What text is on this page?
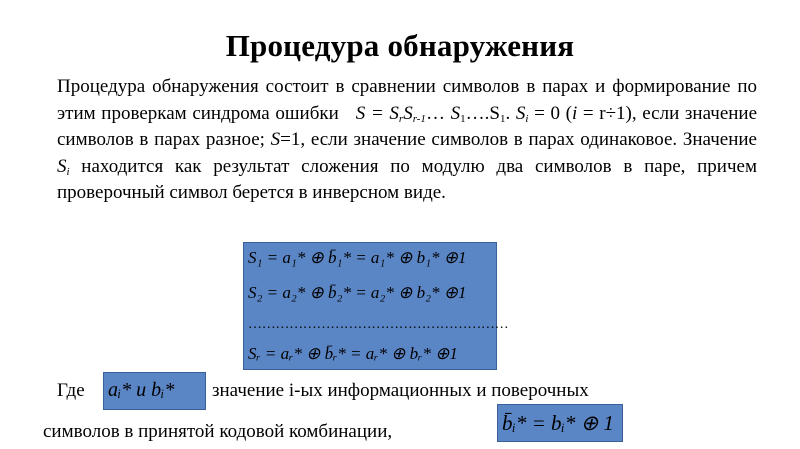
Процедура обнаружения
Процедура обнаружения состоит в сравнении символов в парах и формирование по этим проверкам синдрома ошибки $S = S_rS_{r-1}\dots$ $S_1\dots.S_1$. $S_i = 0$ (i = r÷1), если значение символов в парах разное; S=1, если значение символов в парах одинаковое. Значение $S_i$ находится как результат сложения по модулю два символов в паре, причем проверочный символ берется в инверсном виде.
S₁ = a₁* ⊕ b̄₁* = a₁* ⊕ b₁* ⊕1
S₂ = a₂* ⊕ b̄₂* = a₂* ⊕ b₂* ⊕1
…………………………………………………
Sᵣ = aᵣ* ⊕ b̄ᵣ* = aᵣ* ⊕ bᵣ* ⊕1
Где aᵢ* и bᵢ* значение i-ых информационных и поверочных
символов в принятой кодовой комбинации,	b̄ᵢ* = bᵢ* ⊕ 1
